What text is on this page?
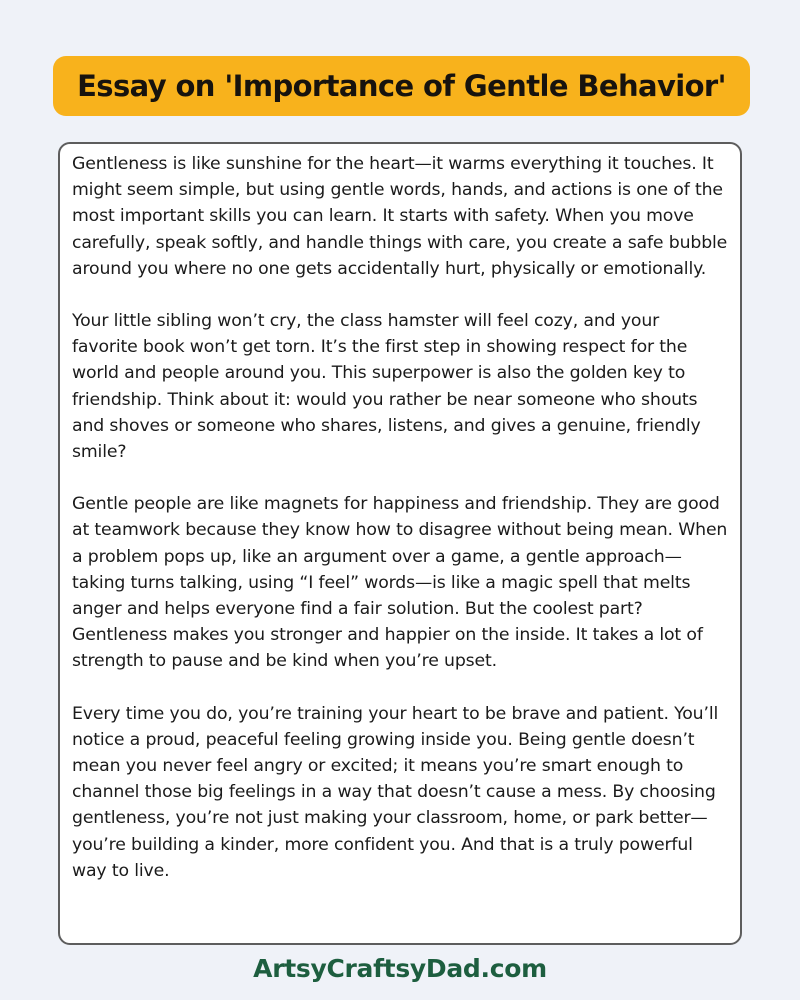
Essay on 'Importance of Gentle Behavior'

Gentleness is like sunshine for the heart—it warms everything it touches. It might seem simple, but using gentle words, hands, and actions is one of the most important skills you can learn. It starts with safety. When you move carefully, speak softly, and handle things with care, you create a safe bubble around you where no one gets accidentally hurt, physically or emotionally.

Your little sibling won’t cry, the class hamster will feel cozy, and your favorite book won’t get torn. It’s the first step in showing respect for the world and people around you. This superpower is also the golden key to friendship. Think about it: would you rather be near someone who shouts and shoves or someone who shares, listens, and gives a genuine, friendly smile?

Gentle people are like magnets for happiness and friendship. They are good at teamwork because they know how to disagree without being mean. When a problem pops up, like an argument over a game, a gentle approach—taking turns talking, using “I feel” words—is like a magic spell that melts anger and helps everyone find a fair solution. But the coolest part? Gentleness makes you stronger and happier on the inside. It takes a lot of strength to pause and be kind when you’re upset.

Every time you do, you’re training your heart to be brave and patient. You’ll notice a proud, peaceful feeling growing inside you. Being gentle doesn’t mean you never feel angry or excited; it means you’re smart enough to channel those big feelings in a way that doesn’t cause a mess. By choosing gentleness, you’re not just making your classroom, home, or park better—you’re building a kinder, more confident you. And that is a truly powerful way to live.

ArtsyCraftsyDad.com
